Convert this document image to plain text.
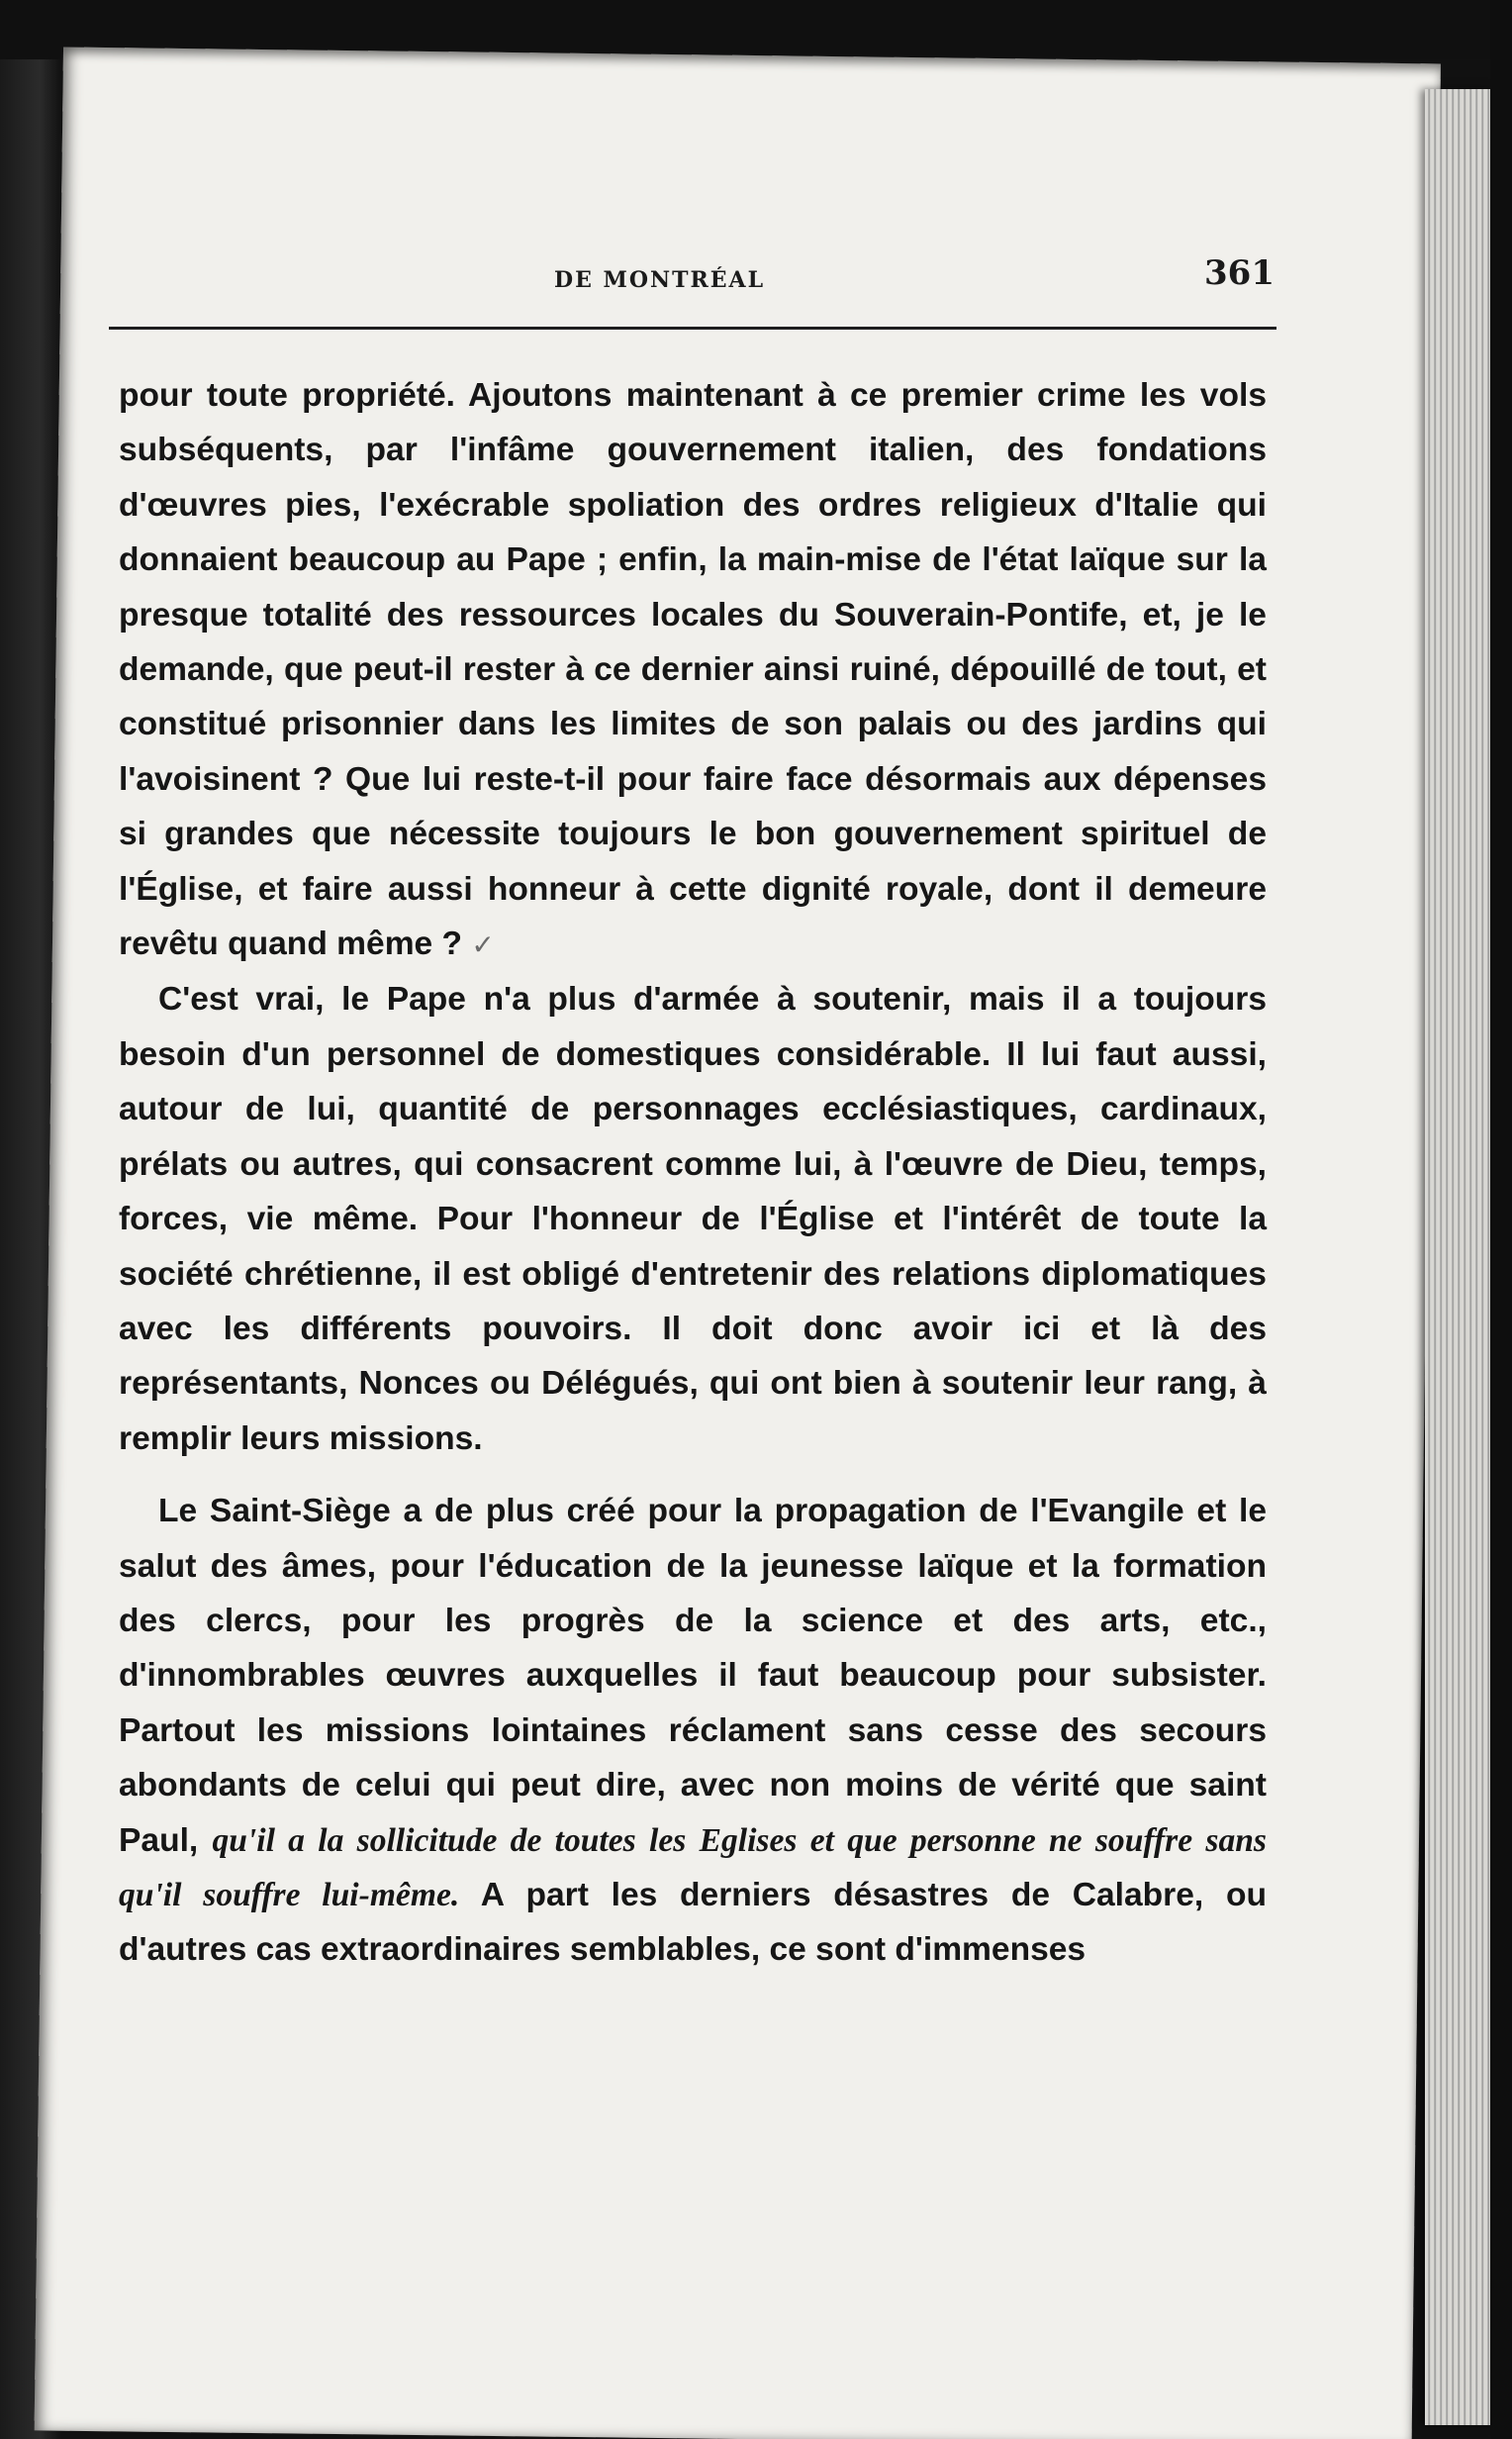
DE MONTRÉAL	361

pour toute propriété. Ajoutons maintenant à ce premier crime les vols subséquents, par l'infâme gouvernement italien, des fondations d'œuvres pies, l'exécrable spoliation des ordres religieux d'Italie qui donnaient beaucoup au Pape ; enfin, la main-mise de l'état laïque sur la presque totalité des ressources locales du Souverain-Pontife, et, je le demande, que peut-il rester à ce dernier ainsi ruiné, dépouillé de tout, et constitué prisonnier dans les limites de son palais ou des jardins qui l'avoisinent ? Que lui reste-t-il pour faire face désormais aux dépenses si grandes que nécessite toujours le bon gouvernement spirituel de l'Église, et faire aussi honneur à cette dignité royale, dont il demeure revêtu quand même ? ✓

C'est vrai, le Pape n'a plus d'armée à soutenir, mais il a toujours besoin d'un personnel de domestiques considérable. Il lui faut aussi, autour de lui, quantité de personnages ecclésiastiques, cardinaux, prélats ou autres, qui consacrent comme lui, à l'œuvre de Dieu, temps, forces, vie même. Pour l'honneur de l'Église et l'intérêt de toute la société chrétienne, il est obligé d'entretenir des relations diplomatiques avec les différents pouvoirs. Il doit donc avoir ici et là des représentants, Nonces ou Délégués, qui ont bien à soutenir leur rang, à remplir leurs missions.

Le Saint-Siège a de plus créé pour la propagation de l'Evangile et le salut des âmes, pour l'éducation de la jeunesse laïque et la formation des clercs, pour les progrès de la science et des arts, etc., d'innombrables œuvres auxquelles il faut beaucoup pour subsister. Partout les missions lointaines réclament sans cesse des secours abondants de celui qui peut dire, avec non moins de vérité que saint Paul, qu'il a la sollicitude de toutes les Eglises et que personne ne souffre sans qu'il souffre lui-même. A part les derniers désastres de Calabre, ou d'autres cas extraordinaires semblables, ce sont d'immenses
